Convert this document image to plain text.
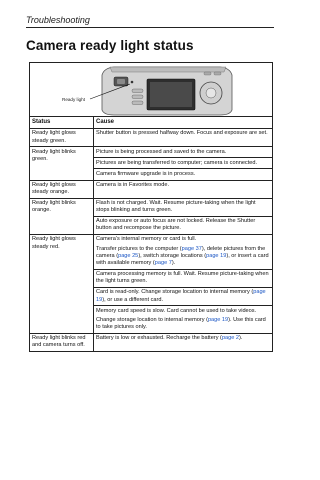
Troubleshooting
Camera ready light status
Ready light	

Status	Cause
Ready light glows steady green.	Shutter button is pressed halfway down. Focus and exposure are set.
Ready light blinks green.	Picture is being processed and saved to the camera.
	Pictures are being transferred to computer; camera is connected.
	Camera firmware upgrade is in process.
Ready light glows steady orange.	Camera is in Favorites mode.
Ready light blinks orange.	Flash is not charged. Wait. Resume picture-taking when the light stops blinking and turns green.
	Auto exposure or auto focus are not locked. Release the Shutter button and recompose the picture.
Ready light glows steady red.	Camera's internal memory or card is full.

Transfer pictures to the computer (page 37), delete pictures from the camera (page 25), switch storage locations (page 19), or insert a card with available memory (page 7).

	Camera processing memory is full. Wait. Resume picture-taking when the light turns green.
	Card is read-only. Change storage location to internal memory (page 19), or use a different card.

	Memory card speed is slow. Card cannot be used to take videos.

Change storage location to internal memory (page 19). Use this card to take pictures only.

Ready light blinks red and camera turns off.	Battery is low or exhausted. Recharge the battery (page 2).
